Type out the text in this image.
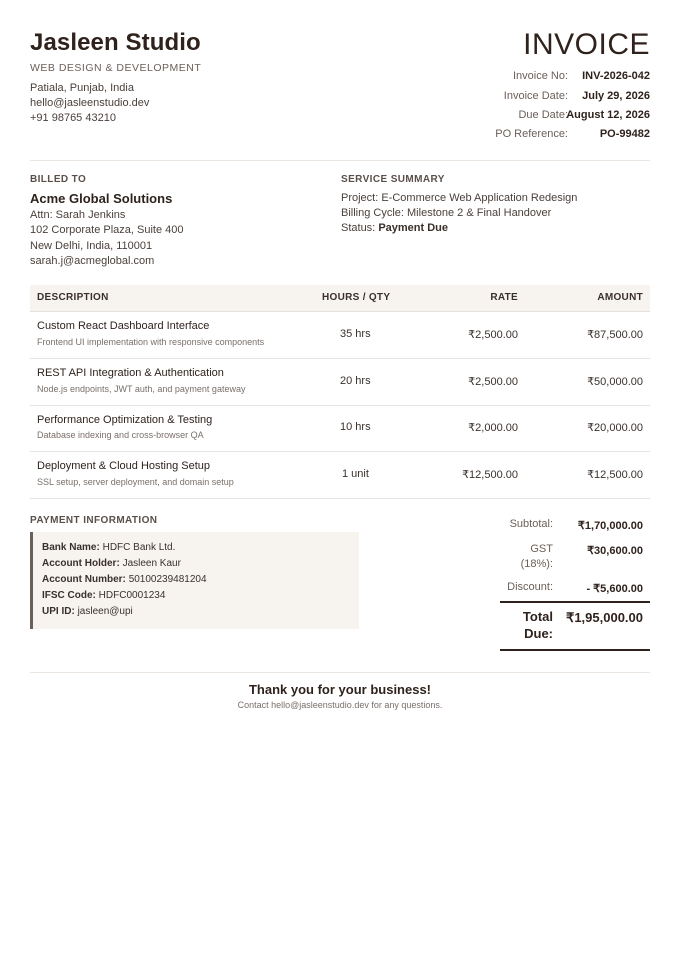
Jasleen Studio
WEB DESIGN & DEVELOPMENT
Patiala, Punjab, India
hello@jasleenstudio.dev
+91 98765 43210
INVOICE
Invoice No: INV-2026-042
Invoice Date: July 29, 2026
Due Date:
August 12, 2026
PO Reference:	PO-99482
BILLED TO
Acme Global Solutions
Attn: Sarah Jenkins
102 Corporate Plaza, Suite 400
New Delhi, India, 110001
sarah.j@acmeglobal.com
SERVICE SUMMARY
Project: E-Commerce Web Application Redesign
Billing Cycle: Milestone 2 & Final Handover
Status: Payment Due
DESCRIPTION	HOURS / QTY	RATE	AMOUNT
Custom React Dashboard Interface
Frontend UI implementation with responsive components
35 hrs	₹2,500.00	₹87,500.00
REST API Integration & Authentication
Node.js endpoints, JWT auth, and payment gateway
20 hrs	₹2,500.00	₹50,000.00
Performance Optimization & Testing
Database indexing and cross-browser QA
10 hrs	₹2,000.00	₹20,000.00
Deployment & Cloud Hosting Setup
SSL setup, server deployment, and domain setup
1 unit	₹12,500.00	₹12,500.00
PAYMENT INFORMATION
Bank Name: HDFC Bank Ltd.
Account Holder: Jasleen Kaur
Account Number: 50100239481204
IFSC Code: HDFC0001234
UPI ID: jasleen@upi
Subtotal: ₹1,70,000.00
GST
(18%):
₹30,600.00
Discount:	- ₹5,600.00
Total
Due:
₹1,95,000.00
Thank you for your business!
Contact hello@jasleenstudio.dev for any questions.
